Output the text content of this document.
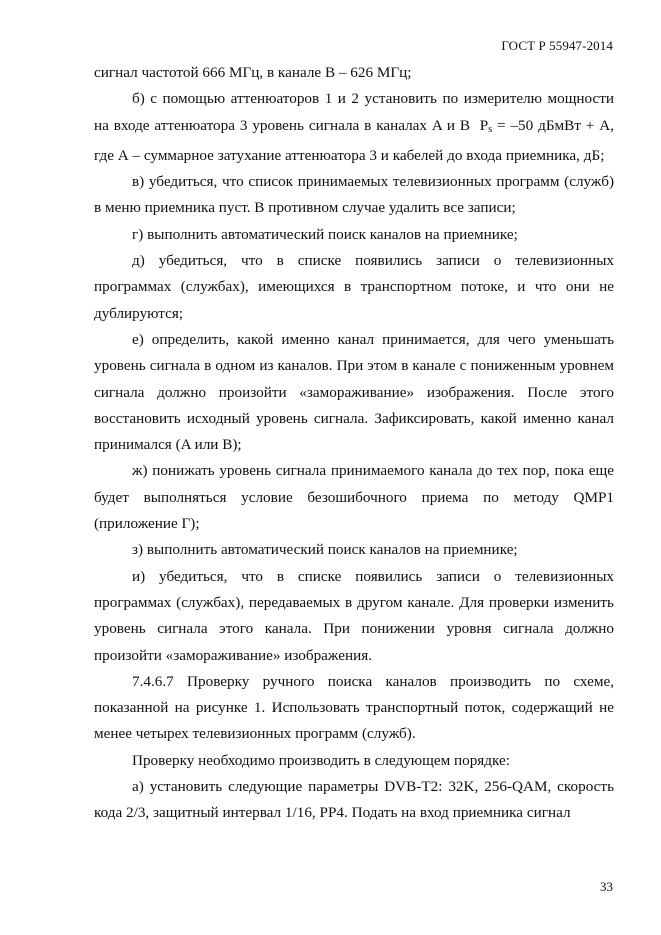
ГОСТ Р 55947-2014

сигнал частотой 666 МГц, в канале B – 626 МГц;

б) с помощью аттенюаторов 1 и 2 установить по измерителю мощности на входе аттенюатора 3 уровень сигнала в каналах A и B $P_s = -50$ дБмВт + А, где А – суммарное затухание аттенюатора 3 и кабелей до входа приемника, дБ;

в) убедиться, что список принимаемых телевизионных программ (служб) в меню приемника пуст. В противном случае удалить все записи;

г) выполнить автоматический поиск каналов на приемнике;

д) убедиться, что в списке появились записи о телевизионных программах (службах), имеющихся в транспортном потоке, и что они не дублируются;

е) определить, какой именно канал принимается, для чего уменьшать уровень сигнала в одном из каналов. При этом в канале с пониженным уровнем сигнала должно произойти «замораживание» изображения. После этого восстановить исходный уровень сигнала. Зафиксировать, какой именно канал принимался (A или B);

ж) понижать уровень сигнала принимаемого канала до тех пор, пока еще будет выполняться условие безошибочного приема по методу QMP1 (приложение Г);

з) выполнить автоматический поиск каналов на приемнике;

и) убедиться, что в списке появились записи о телевизионных программах (службах), передаваемых в другом канале. Для проверки изменить уровень сигнала этого канала. При понижении уровня сигнала должно произойти «замораживание» изображения.

7.4.6.7 Проверку ручного поиска каналов производить по схеме, показанной на рисунке 1. Использовать транспортный поток, содержащий не менее четырех телевизионных программ (служб).

Проверку необходимо производить в следующем порядке:

а) установить следующие параметры DVB-T2: 32K, 256-QAM, скорость кода 2/3, защитный интервал 1/16, PP4. Подать на вход приемника сигнал

33
